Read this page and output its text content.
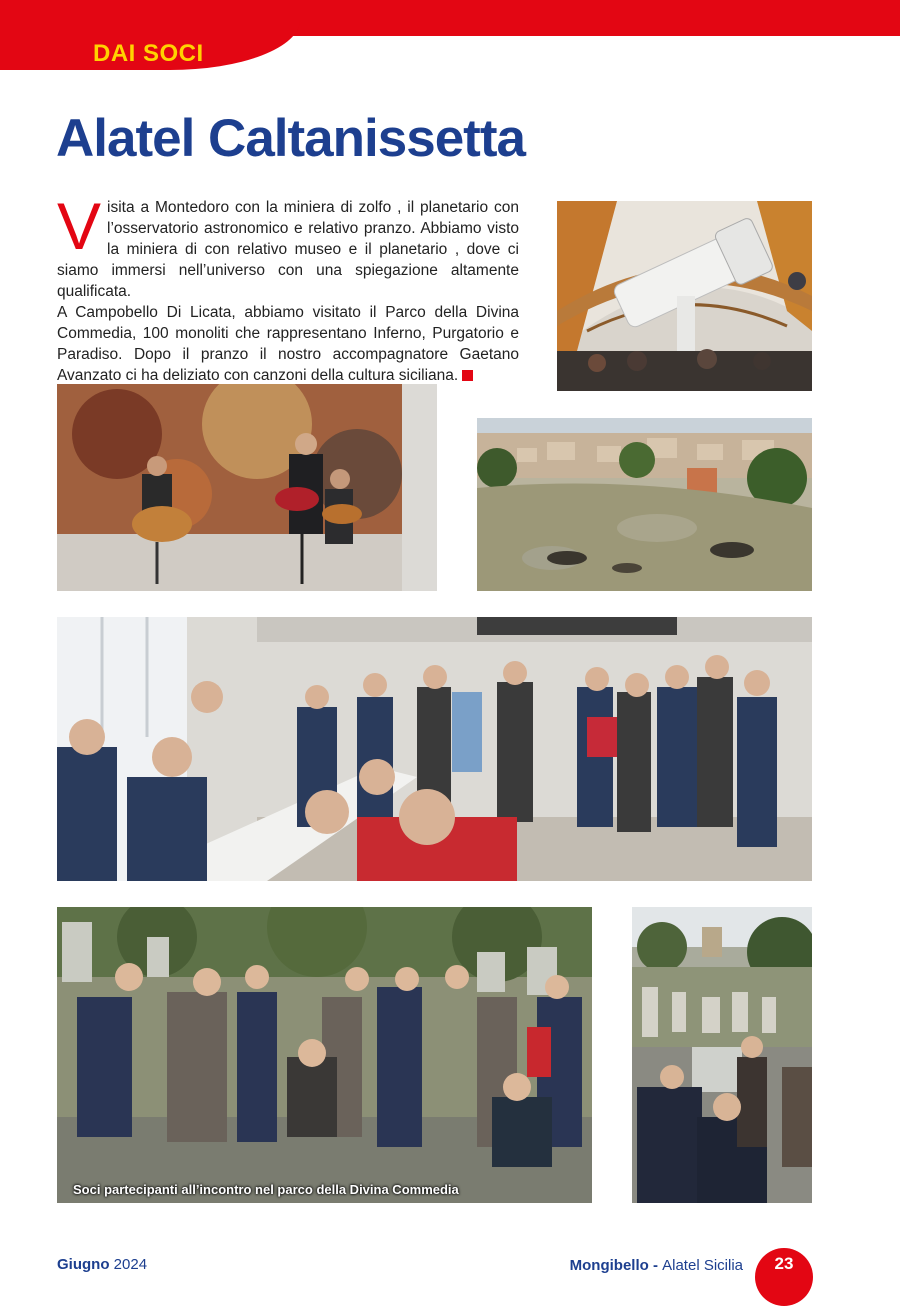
DAI SOCI
Alatel Caltanissetta
V isita a Montedoro con la miniera di zolfo , il planetario con l’osservatorio astronomico e relativo pranzo. Abbiamo visto la miniera di con relativo museo e il planetario , dove ci siamo immersi nell’universo con una spiegazione altamente qualificata.

A Campobello Di Licata, abbiamo visitato il Parco della Divina Commedia, 100 monoliti che rappresentano Inferno, Purgatorio e Paradiso. Dopo il pranzo il nostro accompagnatore Gaetano Avanzato ci ha deliziato con canzoni della cultura siciliana.

Soci partecipanti all’incontro nel parco della Divina Commedia
Giugno 2024	Mongibello - Alatel Sicilia	23
